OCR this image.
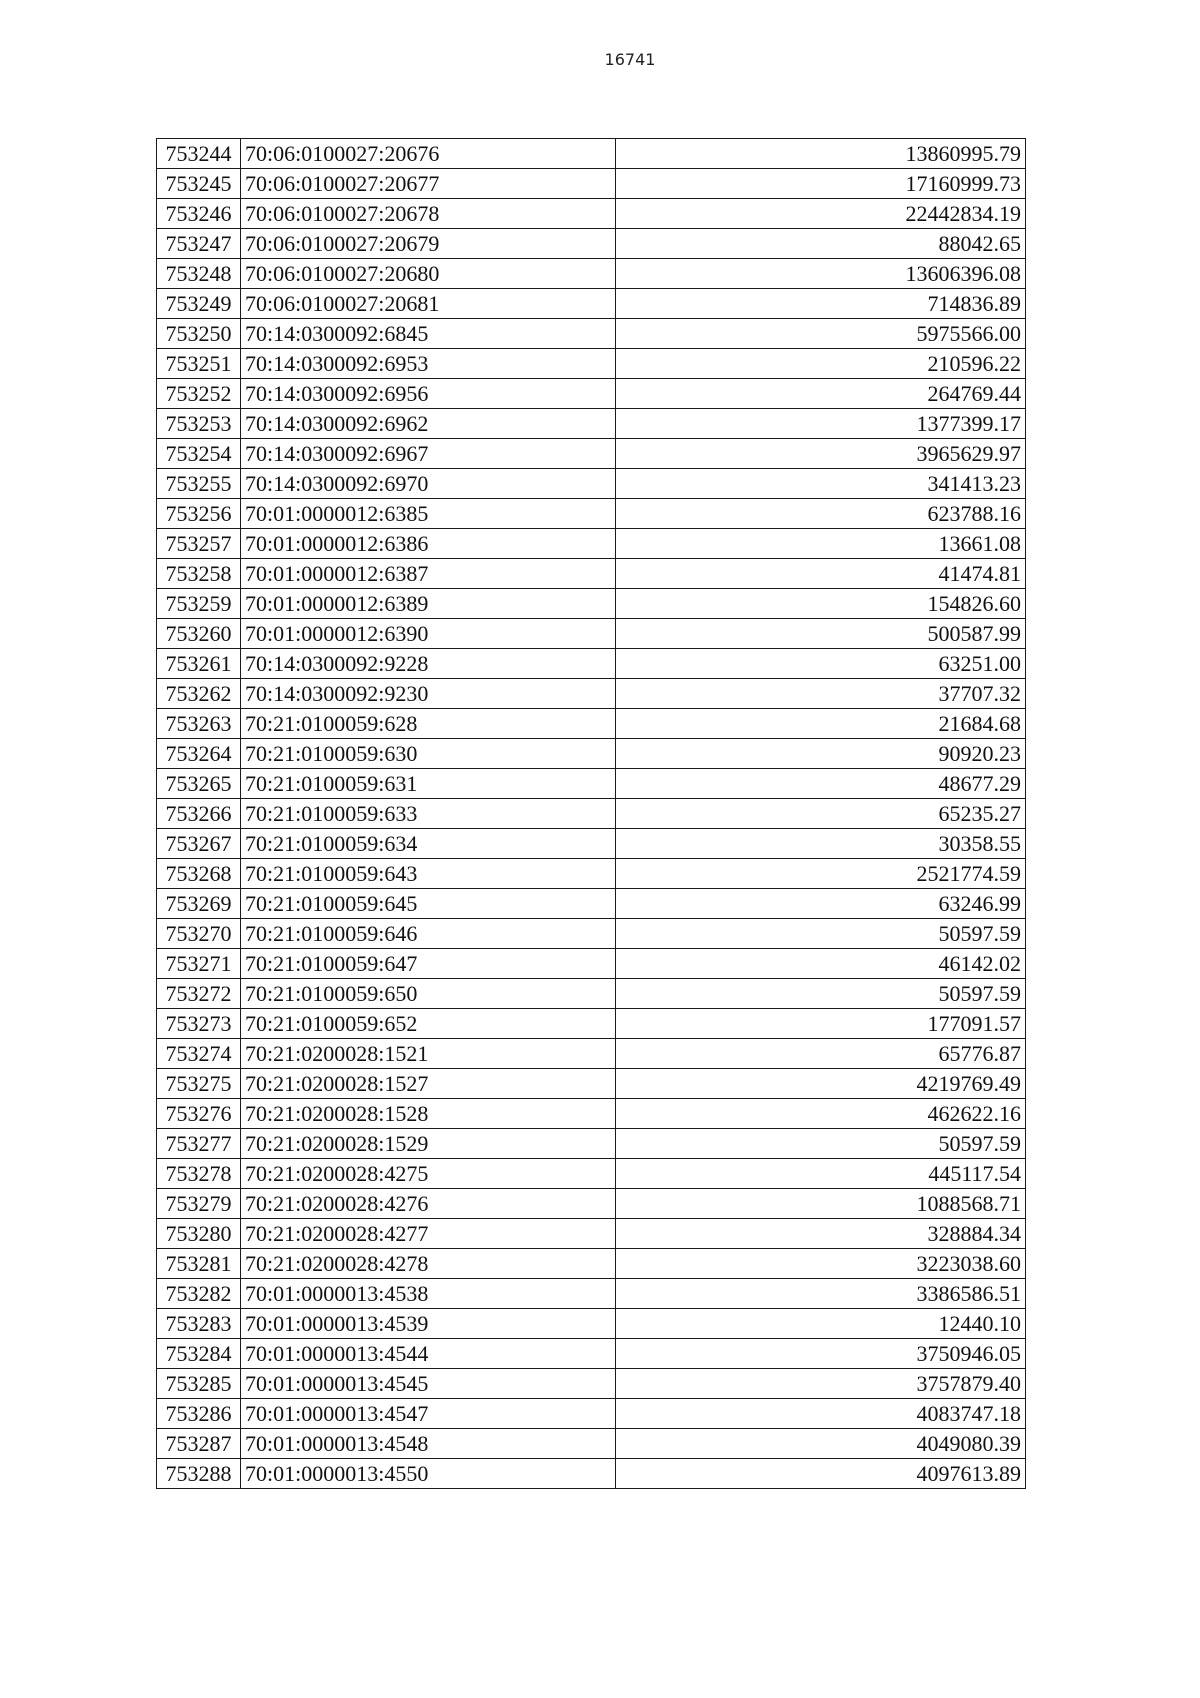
16741
753244	70:06:0100027:20676	13860995.79
753245	70:06:0100027:20677	17160999.73
753246	70:06:0100027:20678	22442834.19
753247	70:06:0100027:20679	88042.65
753248	70:06:0100027:20680	13606396.08
753249	70:06:0100027:20681	714836.89
753250	70:14:0300092:6845	5975566.00
753251	70:14:0300092:6953	210596.22
753252	70:14:0300092:6956	264769.44
753253	70:14:0300092:6962	1377399.17
753254	70:14:0300092:6967	3965629.97
753255	70:14:0300092:6970	341413.23
753256	70:01:0000012:6385	623788.16
753257	70:01:0000012:6386	13661.08
753258	70:01:0000012:6387	41474.81
753259	70:01:0000012:6389	154826.60
753260	70:01:0000012:6390	500587.99
753261	70:14:0300092:9228	63251.00
753262	70:14:0300092:9230	37707.32
753263	70:21:0100059:628	21684.68
753264	70:21:0100059:630	90920.23
753265	70:21:0100059:631	48677.29
753266	70:21:0100059:633	65235.27
753267	70:21:0100059:634	30358.55
753268	70:21:0100059:643	2521774.59
753269	70:21:0100059:645	63246.99
753270	70:21:0100059:646	50597.59
753271	70:21:0100059:647	46142.02
753272	70:21:0100059:650	50597.59
753273	70:21:0100059:652	177091.57
753274	70:21:0200028:1521	65776.87
753275	70:21:0200028:1527	4219769.49
753276	70:21:0200028:1528	462622.16
753277	70:21:0200028:1529	50597.59
753278	70:21:0200028:4275	445117.54
753279	70:21:0200028:4276	1088568.71
753280	70:21:0200028:4277	328884.34
753281	70:21:0200028:4278	3223038.60
753282	70:01:0000013:4538	3386586.51
753283	70:01:0000013:4539	12440.10
753284	70:01:0000013:4544	3750946.05
753285	70:01:0000013:4545	3757879.40
753286	70:01:0000013:4547	4083747.18
753287	70:01:0000013:4548	4049080.39
753288	70:01:0000013:4550	4097613.89
